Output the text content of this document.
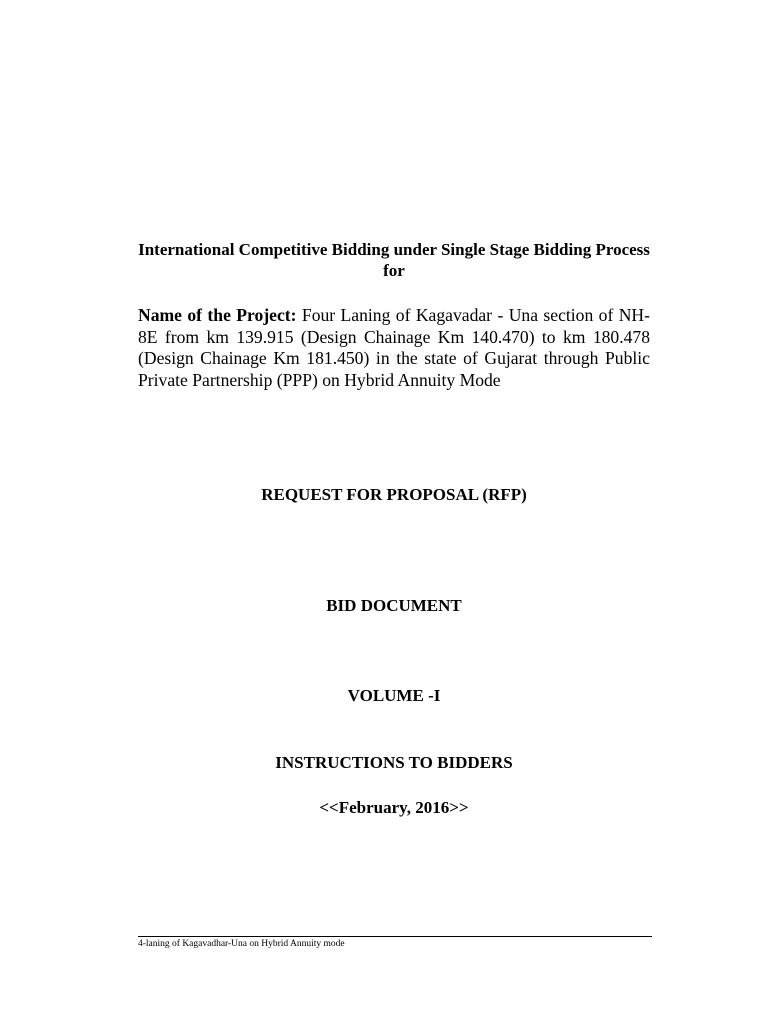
International Competitive Bidding under Single Stage Bidding Process for
Name of the Project: Four Laning of Kagavadar - Una section of NH-8E from km 139.915 (Design Chainage Km 140.470) to km 180.478 (Design Chainage Km 181.450) in the state of Gujarat through Public Private Partnership (PPP) on Hybrid Annuity Mode
REQUEST FOR PROPOSAL (RFP)
BID DOCUMENT
VOLUME -I
INSTRUCTIONS TO BIDDERS
<<February, 2016>>
4-laning of Kagavadhar-Una on Hybrid Annuity mode
